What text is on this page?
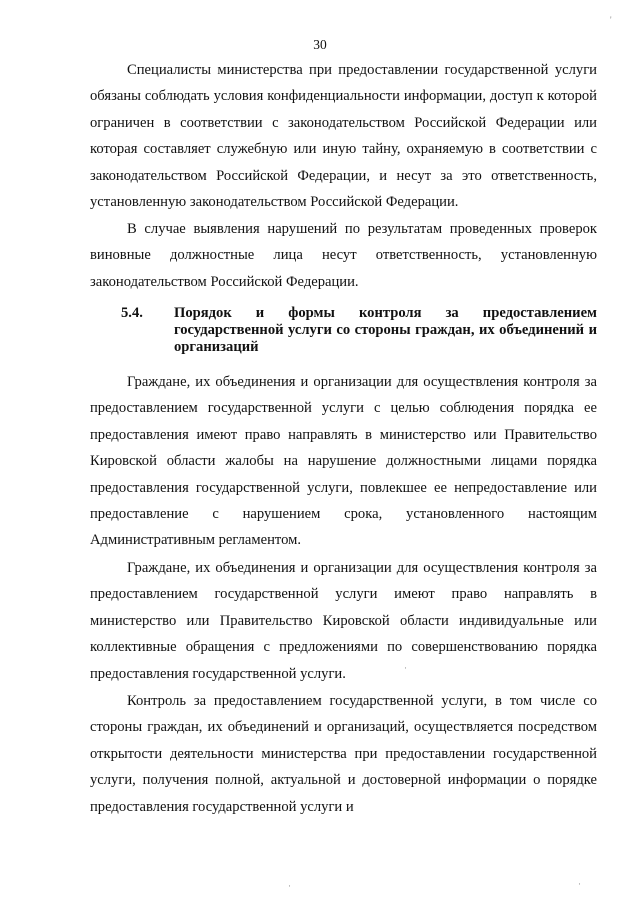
30

Специалисты министерства при предоставлении государственной услуги обязаны соблюдать условия конфиденциальности информации, доступ к которой ограничен в соответствии с законодательством Российской Федерации или которая составляет служебную или иную тайну, охраняемую в соответствии с законодательством Российской Федерации, и несут за это ответственность, установленную законодательством Российской Федерации.

В случае выявления нарушений по результатам проведенных проверок виновные должностные лица несут ответственность, установленную законодательством Российской Федерации.

5.4. Порядок и формы контроля за предоставлением государственной услуги со стороны граждан, их объединений и организаций

Граждане, их объединения и организации для осуществления контроля за предоставлением государственной услуги с целью соблюдения порядка ее предоставления имеют право направлять в министерство или Правительство Кировской области жалобы на нарушение должностными лицами порядка предоставления государственной услуги, повлекшее ее непредоставление или предоставление с нарушением срока, установленного настоящим Административным регламентом.

Граждане, их объединения и организации для осуществления контроля за предоставлением государственной услуги имеют право направлять в министерство или Правительство Кировской области индивидуальные или коллективные обращения с предложениями по совершенствованию порядка предоставления государственной услуги.

Контроль за предоставлением государственной услуги, в том числе со стороны граждан, их объединений и организаций, осуществляется посредством открытости деятельности министерства при предоставлении государственной услуги, получения полной, актуальной и достоверной информации о порядке предоставления государственной услуги и

'
·
·
·
